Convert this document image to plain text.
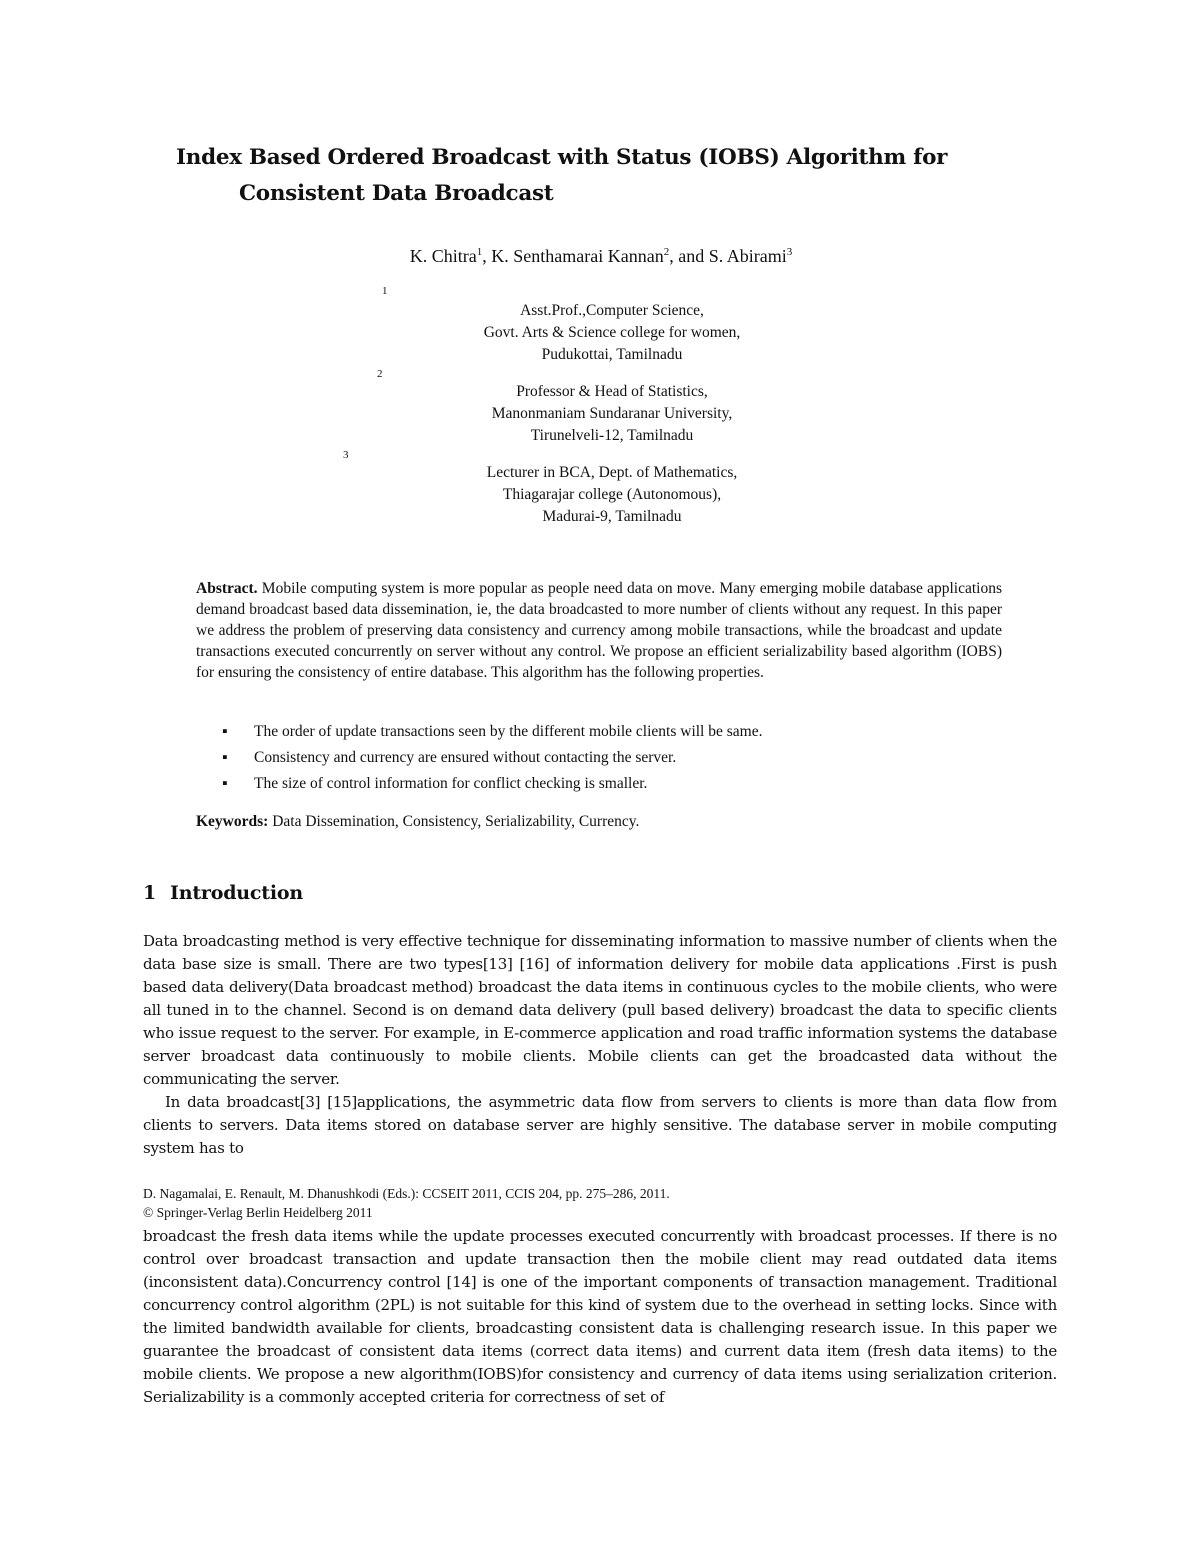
Index Based Ordered Broadcast with Status (IOBS) Algorithm for
Consistent Data Broadcast
K. Chitra$^1$, K. Senthamarai Kannan$^2$, and S. Abirami$^3$
1
Asst.Prof.,Computer Science,
Govt. Arts & Science college for women,
Pudukottai, Tamilnadu
2
Professor & Head of Statistics,
Manonmaniam Sundaranar University,
Tirunelveli-12, Tamilnadu
3
Lecturer in BCA, Dept. of Mathematics,
Thiagarajar college (Autonomous),
Madurai-9, Tamilnadu
Abstract. Mobile computing system is more popular as people need data on move. Many emerging mobile database applications demand broadcast based data dissemination, ie, the data broadcasted to more number of clients without any request. In this paper we address the problem of preserving data consistency and currency among mobile transactions, while the broadcast and update transactions executed concurrently on server without any control. We propose an efficient serializability based algorithm (IOBS) for ensuring the consistency of entire database. This algorithm has the following properties.
▪ The order of update transactions seen by the different mobile clients will be same.
▪ Consistency and currency are ensured without contacting the server.
▪ The size of control information for conflict checking is smaller.
Keywords: Data Dissemination, Consistency, Serializability, Currency.
1 Introduction

Data broadcasting method is very effective technique for disseminating information to massive number of clients when the data base size is small. There are two types[13] [16] of information delivery for mobile data applications .First is push based data delivery(Data broadcast method) broadcast the data items in continuous cycles to the mobile clients, who were all tuned in to the channel. Second is on demand data delivery (pull based delivery) broadcast the data to specific clients who issue request to the server. For example, in E-commerce application and road traffic information systems the database server broadcast data continuously to mobile clients. Mobile clients can get the broadcasted data without the communicating the server.

In data broadcast[3] [15]applications, the asymmetric data flow from servers to clients is more than data flow from clients to servers. Data items stored on database server are highly sensitive. The database server in mobile computing system has to

D. Nagamalai, E. Renault, M. Dhanushkodi (Eds.): CCSEIT 2011, CCIS 204, pp. 275–286, 2011.
© Springer-Verlag Berlin Heidelberg 2011

broadcast the fresh data items while the update processes executed concurrently with broadcast processes. If there is no control over broadcast transaction and update transaction then the mobile client may read outdated data items (inconsistent data).Concurrency control [14] is one of the important components of transaction management. Traditional concurrency control algorithm (2PL) is not suitable for this kind of system due to the overhead in setting locks. Since with the limited bandwidth available for clients, broadcasting consistent data is challenging research issue. In this paper we guarantee the broadcast of consistent data items (correct data items) and current data item (fresh data items) to the mobile clients. We propose a new algorithm(IOBS)for consistency and currency of data items using serialization criterion. Serializability is a commonly accepted criteria for correctness of set of
